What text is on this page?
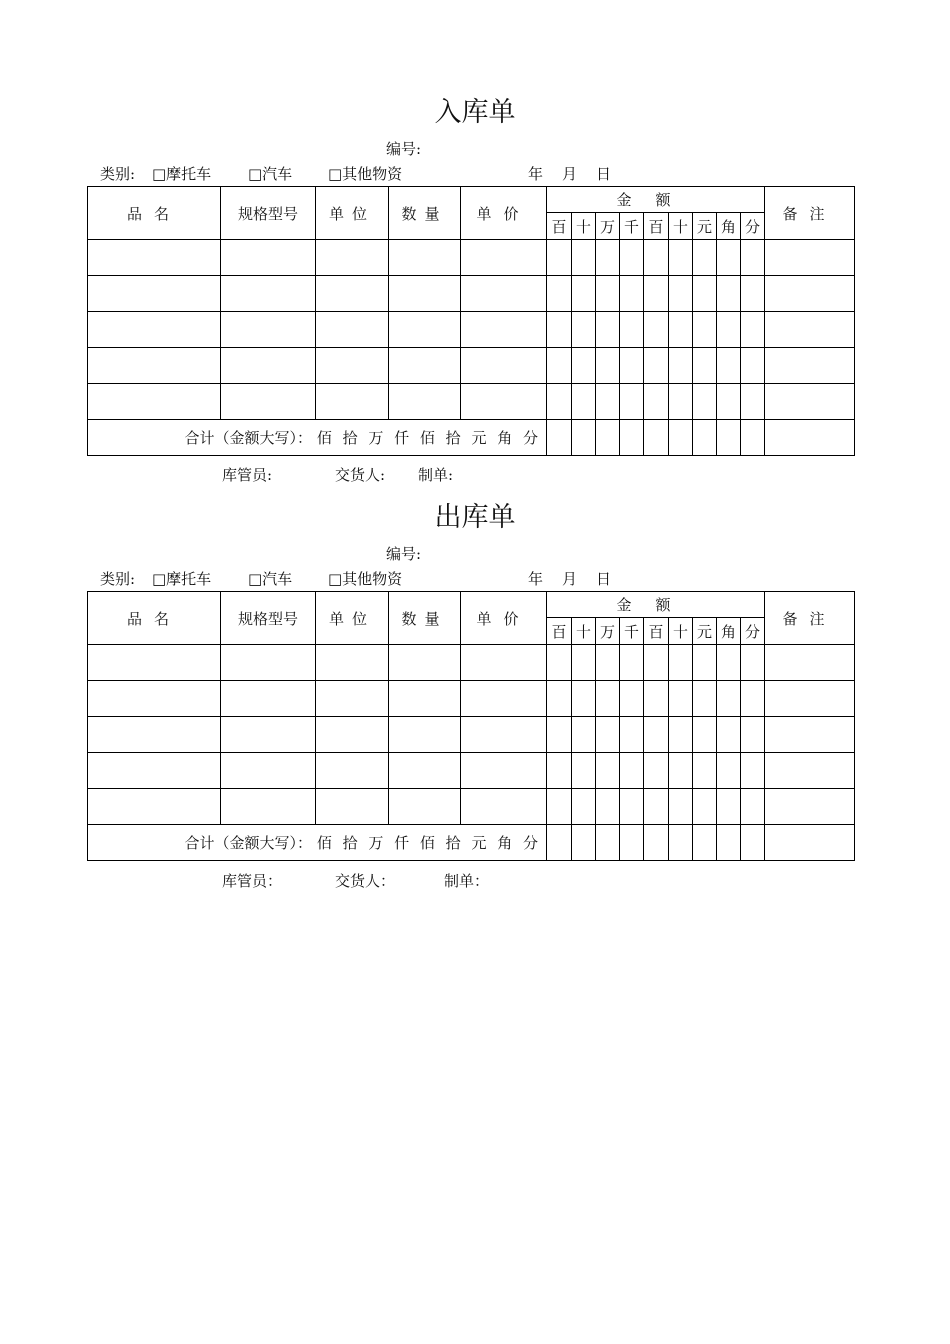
入库单
编号:
类别: □摩托车 □汽车 □其他物资	年 月 日
品名	规格型号	单位	数量	单价	金额									备注	
					百	十	万	千	百	十	元	角	分		

合计（金额大写）： 佰 拾 万 仟 佰 拾 元 角 分															
库管员:	交货人: 制单:
出库单
编号:
类别: □摩托车 □汽车 □其他物资	年 月 日
品名	规格型号	单位	数量	单价	金额									备注	
					百	十	万	千	百	十	元	角	分		

合计（金额大写）： 佰 拾 万 仟 佰 拾 元 角 分															
库管员：	交货人：	制单：
